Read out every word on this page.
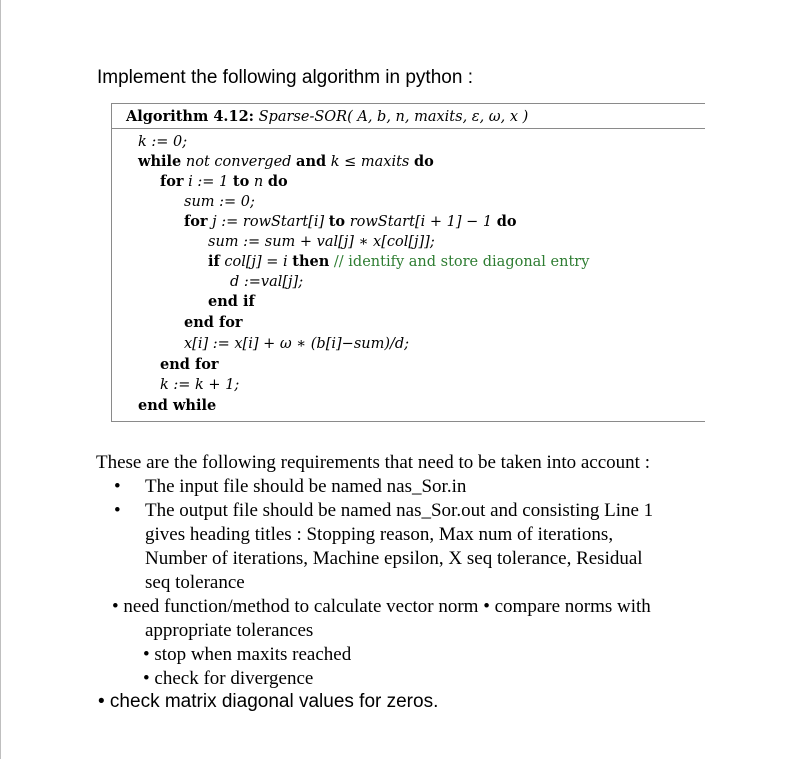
Implement the following algorithm in python :
Algorithm 4.12: Sparse-SOR( A, b, n, maxits, ε, ω, x )
k := 0;
while not converged and k ≤ maxits do
for i := 1 to n do
sum := 0;
for j := rowStart[i] to rowStart[i + 1] − 1 do
sum := sum + val[j] ∗ x[col[j]];
if col[j] = i then // identify and store diagonal entry
d :=val[j];
end if
end for
x[i] := x[i] + ω ∗ (b[i]−sum)/d;
end for
k := k + 1;
end while
These are the following requirements that need to be taken into account :
• The input file should be named nas_Sor.in
• The output file should be named nas_Sor.out and consisting Line 1
gives heading titles : Stopping reason, Max num of iterations,
Number of iterations, Machine epsilon, X seq tolerance, Residual
seq tolerance
• need function/method to calculate vector norm • compare norms with
appropriate tolerances
• stop when maxits reached
• check for divergence
• check matrix diagonal values for zeros.
